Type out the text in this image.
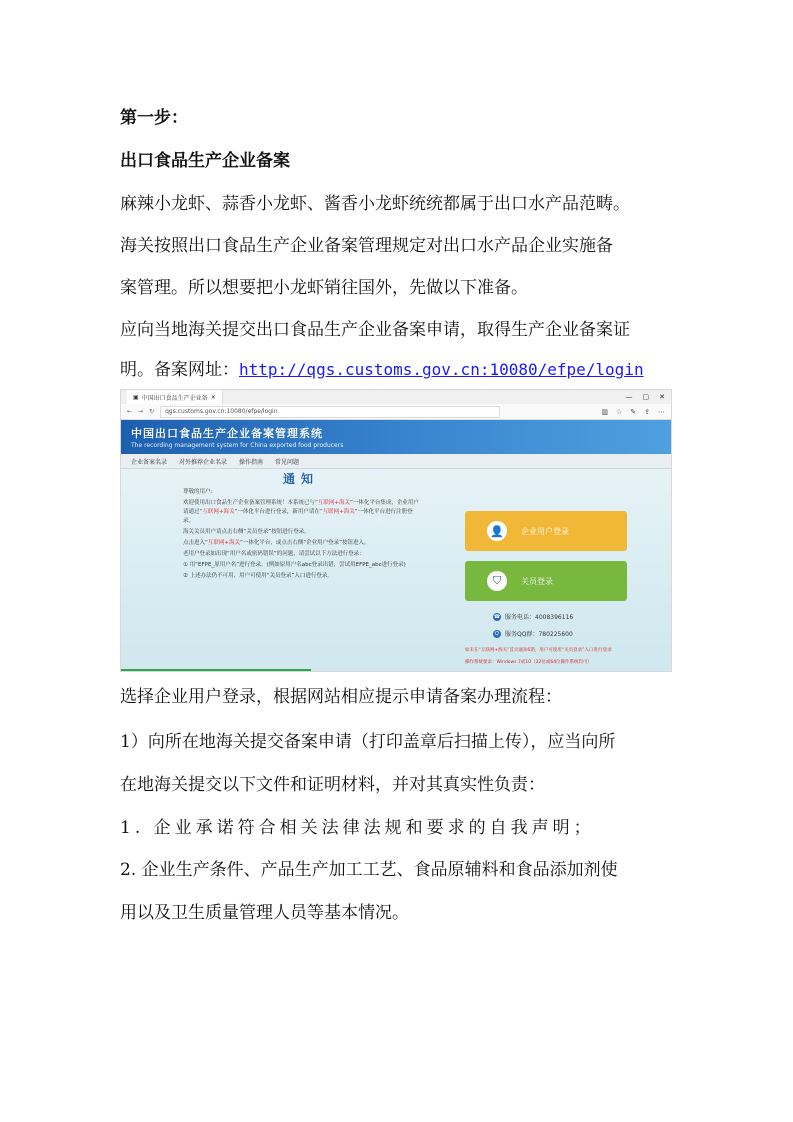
第一步：
出口食品生产企业备案
麻辣小龙虾、蒜香小龙虾、酱香小龙虾统统都属于出口水产品范畴。
海关按照出口食品生产企业备案管理规定对出口水产品企业实施备
案管理。所以想要把小龙虾销往国外，先做以下准备。
应向当地海关提交出口食品生产企业备案申请，取得生产企业备案证
明。备案网址：http://qgs.customs.gov.cn:10080/efpe/login
▣ 中国出口食品生产企业备 ✕	— ▢ ✕
← → ↻	qgs.customs.gov.cn:10080/efpe/login	▥ ☆ ✎ ⇪ ⋯
中国出口食品生产企业备案管理系统
The recording management system for China exported food producers
企业备案名录 对外推荐企业名录 操作指南 常见问题
通知

尊敬的用户：

欢迎使用出口食品生产企业备案管理系统！本系统已与“互联网+海关”一体化平台集成，企业用户请通过“互联网+海关”一体化平台进行登录，新用户请在“互联网+海关”一体化平台进行注册登录。

海关关员用户请点击右侧“关员登录”按钮进行登录。

点击进入“互联网+海关”一体化平台，或点击右侧“企业用户登录”按钮进入。

老用户登录如出现“用户名或密码错误”的问题，请尝试以下方法进行登录：

① 用“EFPE_原用户名”进行登录。(例如原用户名abc登录出错，尝试用EFPE_abc进行登录)

② 上述办法仍不可用，用户可使用“关员登录”入口进行登录。

👤	企业用户登录
⛉	关员登录
☎ 服务电话：4008396116
Q	服务QQ群：780225600
如未在“互联网+海关”首页通知6期，用户可使用“关员登录”入口进行登录
操作系统要求：Windows 7或10（32位或64位操作系统均可）
选择企业用户登录，根据网站相应提示申请备案办理流程：
1）向所在地海关提交备案申请（打印盖章后扫描上传），应当向所
在地海关提交以下文件和证明材料，并对其真实性负责：
1. 企业承诺符合相关法律法规和要求的自我声明；
2. 企业生产条件、产品生产加工工艺、食品原辅料和食品添加剂使
用以及卫生质量管理人员等基本情况。
